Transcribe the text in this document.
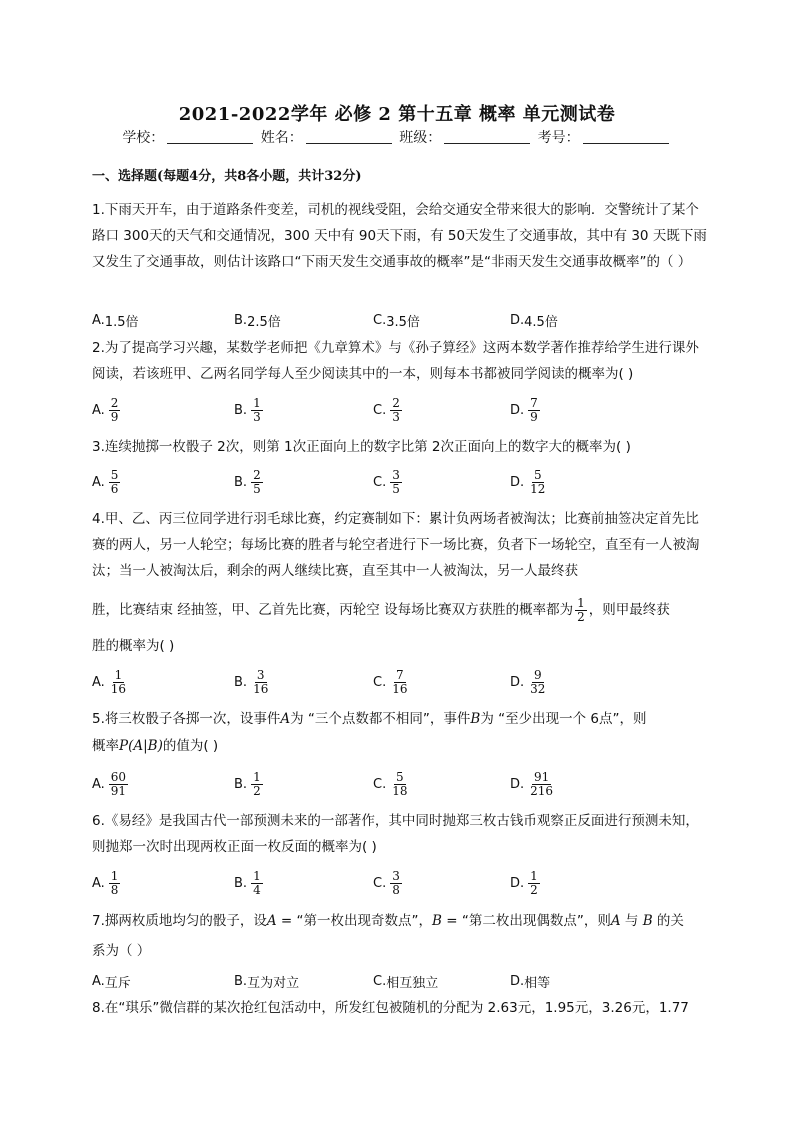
2021-2022学年 必修 2 第十五章 概率 单元测试卷
学校：	姓名：	班级：	考号：
一、选择题(每题4分，共8各小题，共计32分)
1.下雨天开车，由于道路条件变差，司机的视线受阻，会给交通安全带来很大的影响．交警统计了某个路口 300天的天气和交通情况，300 天中有 90天下雨，有 50天发生了交通事故，其中有 30 天既下雨又发生了交通事故，则估计该路口“下雨天发生交通事故的概率”是“非雨天发生交通事故概率”的（ ）
A. 1.5倍	B. 2.5倍	C. 3.5倍	D. 4.5倍
2.为了提高学习兴趣，某数学老师把《九章算术》与《孙子算经》这两本数学著作推荐给学生进行课外阅读，若该班甲、乙两名同学每人至少阅读其中的一本，则每本书都被同学阅读的概率为( )
A. $\frac{2}{9}$	B. $\frac{1}{3}$	C. $\frac{2}{3}$	D. $\frac{7}{9}$
3.连续抛掷一枚骰子 2次，则第 1次正面向上的数字比第 2次正面向上的数字大的概率为( )
A. $\frac{5}{6}$	B. $\frac{2}{5}$	C. $\frac{3}{5}$	D. $\frac{5}{12}$
4.甲、乙、丙三位同学进行羽毛球比赛，约定赛制如下：累计负两场者被淘汰；比赛前抽签决定首先比赛的两人，另一人轮空；每场比赛的胜者与轮空者进行下一场比赛，负者下一场轮空，直至有一人被淘汰；当一人被淘汰后，剩余的两人继续比赛，直至其中一人被淘汰，另一人最终获
胜，比赛结束 经抽签，甲、乙首先比赛，丙轮空 设每场比赛双方获胜的概率都为 $\frac{1}{2}$ ，则甲最终获
胜的概率为( )
A. $\frac{1}{16}$	B. $\frac{3}{16}$	C. $\frac{7}{16}$	D. $\frac{9}{32}$
5.将三枚骰子各掷一次，设事件A为 “三个点数都不相同”，事件B为 “至少出现一个 6点”，则
概率P(A|B)的值为( )
A. $\frac{60}{91}$	B. $\frac{1}{2}$	C. $\frac{5}{18}$	D. $\frac{91}{216}$
6.《易经》是我国古代一部预测未来的一部著作，其中同时抛郑三枚古钱币观察正反面进行预测未知，则抛郑一次时出现两枚正面一枚反面的概率为( )
A. $\frac{1}{8}$	B. $\frac{1}{4}$	C. $\frac{3}{8}$	D. $\frac{1}{2}$
7.掷两枚质地均匀的骰子，设A = “第一枚出现奇数点”，B = “第二枚出现偶数点”，则A 与 B 的关
系为（ ）
A. 互斥	B. 互为对立	C. 相互独立	D. 相等
8.在“琪乐”微信群的某次抢红包活动中，所发红包被随机的分配为 2.63元，1.95元，3.26元，1.77
